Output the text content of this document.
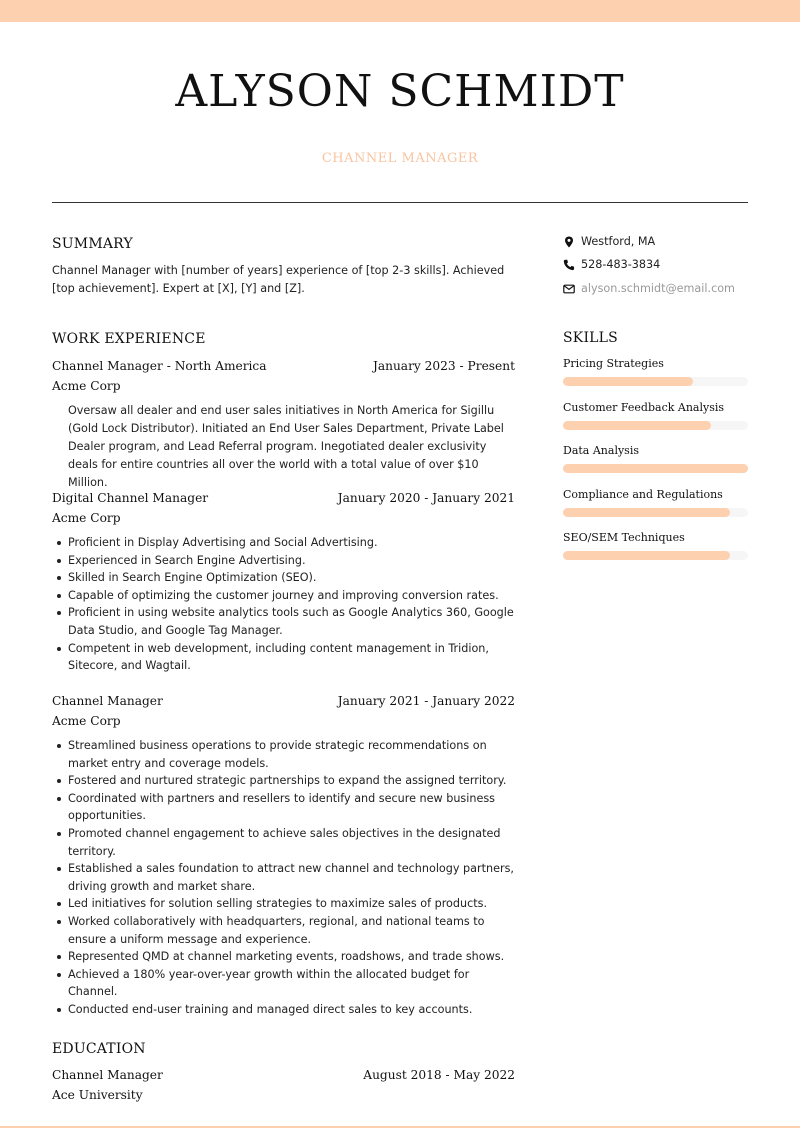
ALYSON SCHMIDT
CHANNEL MANAGER
SUMMARY
Channel Manager with [number of years] experience of [top 2-3 skills]. Achieved [top achievement]. Expert at [X], [Y] and [Z].
WORK EXPERIENCE
Channel Manager - North America	January 2023 - Present
Acme Corp
Oversaw all dealer and end user sales initiatives in North America for Sigillu (Gold Lock Distributor). Initiated an End User Sales Department, Private Label Dealer program, and Lead Referral program. Inegotiated dealer exclusivity deals for entire countries all over the world with a total value of over $10 Million.
Digital Channel Manager	January 2020 - January 2021
Acme Corp
Proficient in Display Advertising and Social Advertising.
Experienced in Search Engine Advertising.
Skilled in Search Engine Optimization (SEO).
Capable of optimizing the customer journey and improving conversion rates.
Proficient in using website analytics tools such as Google Analytics 360, Google Data Studio, and Google Tag Manager.
Competent in web development, including content management in Tridion, Sitecore, and Wagtail.
Channel Manager	January 2021 - January 2022
Acme Corp
Streamlined business operations to provide strategic recommendations on market entry and coverage models.
Fostered and nurtured strategic partnerships to expand the assigned territory.
Coordinated with partners and resellers to identify and secure new business opportunities.
Promoted channel engagement to achieve sales objectives in the designated territory.
Established a sales foundation to attract new channel and technology partners, driving growth and market share.
Led initiatives for solution selling strategies to maximize sales of products.
Worked collaboratively with headquarters, regional, and national teams to ensure a uniform message and experience.
Represented QMD at channel marketing events, roadshows, and trade shows.
Achieved a 180% year-over-year growth within the allocated budget for Channel.
Conducted end-user training and managed direct sales to key accounts.
EDUCATION
Channel Manager	August 2018 - May 2022
Ace University
Westford, MA
528-483-3834
alyson.schmidt@email.com
SKILLS
Pricing Strategies
Customer Feedback Analysis
Data Analysis
Compliance and Regulations
SEO/SEM Techniques
